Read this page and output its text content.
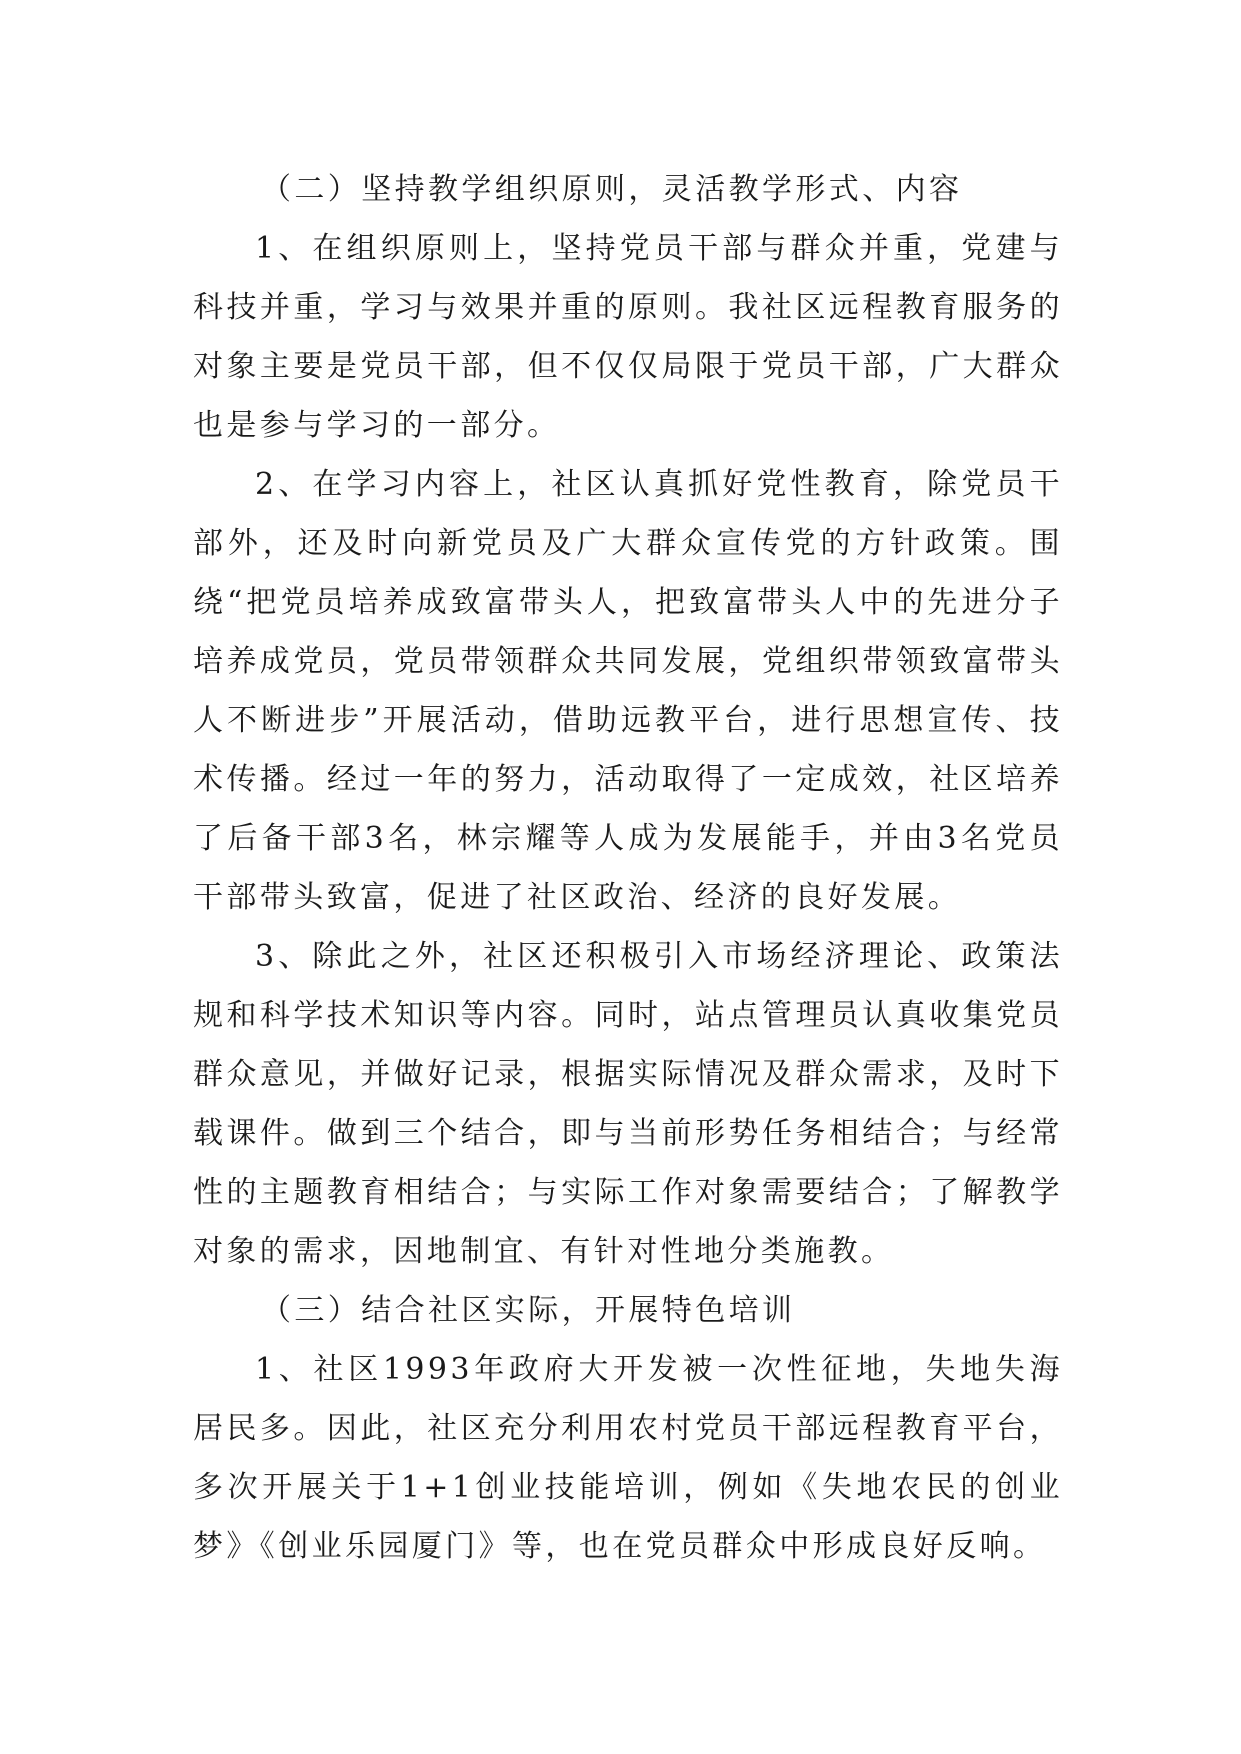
（二）坚持教学组织原则，灵活教学形式、内容

1、在组织原则上，坚持党员干部与群众并重，党建与科技并重，学习与效果并重的原则。我社区远程教育服务的对象主要是党员干部，但不仅仅局限于党员干部，广大群众也是参与学习的一部分。

2、在学习内容上，社区认真抓好党性教育，除党员干部外，还及时向新党员及广大群众宣传党的方针政策。围绕“把党员培养成致富带头人，把致富带头人中的先进分子培养成党员，党员带领群众共同发展，党组织带领致富带头人不断进步”开展活动，借助远教平台，进行思想宣传、技术传播。经过一年的努力，活动取得了一定成效，社区培养了后备干部3名，林宗耀等人成为发展能手，并由3名党员干部带头致富，促进了社区政治、经济的良好发展。

3、除此之外，社区还积极引入市场经济理论、政策法规和科学技术知识等内容。同时，站点管理员认真收集党员群众意见，并做好记录，根据实际情况及群众需求，及时下载课件。做到三个结合，即与当前形势任务相结合；与经常性的主题教育相结合；与实际工作对象需要结合；了解教学对象的需求，因地制宜、有针对性地分类施教。

（三）结合社区实际，开展特色培训

1、社区1993年政府大开发被一次性征地，失地失海居民多。因此，社区充分利用农村党员干部远程教育平台，多次开展关于1+1创业技能培训，例如《失地农民的创业梦》《创业乐园厦门》等，也在党员群众中形成良好反响。
